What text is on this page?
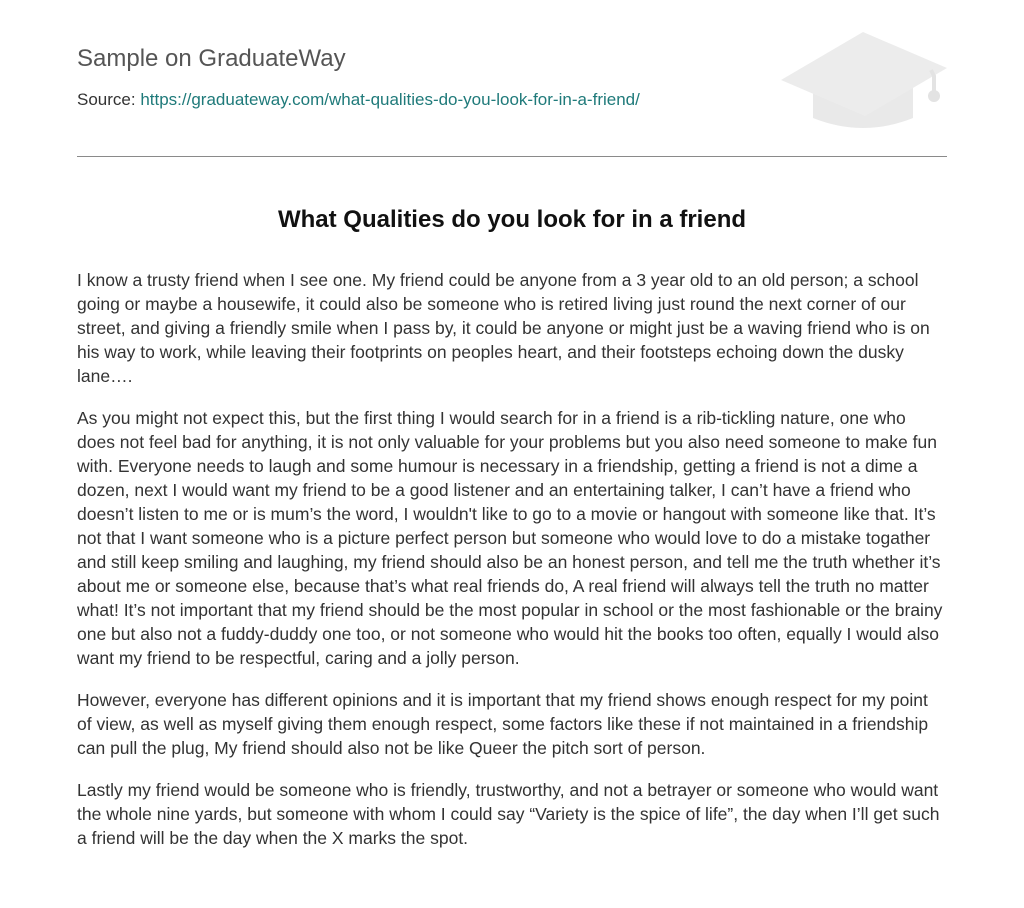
Sample on GraduateWay
Source: https://graduateway.com/what-qualities-do-you-look-for-in-a-friend/
What Qualities do you look for in a friend

I know a trusty friend when I see one. My friend could be anyone from a 3 year old to an old person; a school going or maybe a housewife, it could also be someone who is retired living just round the next corner of our street, and giving a friendly smile when I pass by, it could be anyone or might just be a waving friend who is on his way to work, while leaving their footprints on peoples heart, and their footsteps echoing down the dusky lane….

As you might not expect this, but the first thing I would search for in a friend is a rib-tickling nature, one who does not feel bad for anything, it is not only valuable for your problems but you also need someone to make fun with. Everyone needs to laugh and some humour is necessary in a friendship, getting a friend is not a dime a dozen, next I would want my friend to be a good listener and an entertaining talker, I can’t have a friend who doesn’t listen to me or is mum’s the word, I wouldn't like to go to a movie or hangout with someone like that. It’s not that I want someone who is a picture perfect person but someone who would love to do a mistake togather and still keep smiling and laughing, my friend should also be an honest person, and tell me the truth whether it’s about me or someone else, because that’s what real friends do, A real friend will always tell the truth no matter what! It’s not important that my friend should be the most popular in school or the most fashionable or the brainy one but also not a fuddy-duddy one too, or not someone who would hit the books too often, equally I would also want my friend to be respectful, caring and a jolly person.

However, everyone has different opinions and it is important that my friend shows enough respect for my point of view, as well as myself giving them enough respect, some factors like these if not maintained in a friendship can pull the plug, My friend should also not be like Queer the pitch sort of person.

Lastly my friend would be someone who is friendly, trustworthy, and not a betrayer or someone who would want the whole nine yards, but someone with whom I could say “Variety is the spice of life”, the day when I’ll get such a friend will be the day when the X marks the spot.
